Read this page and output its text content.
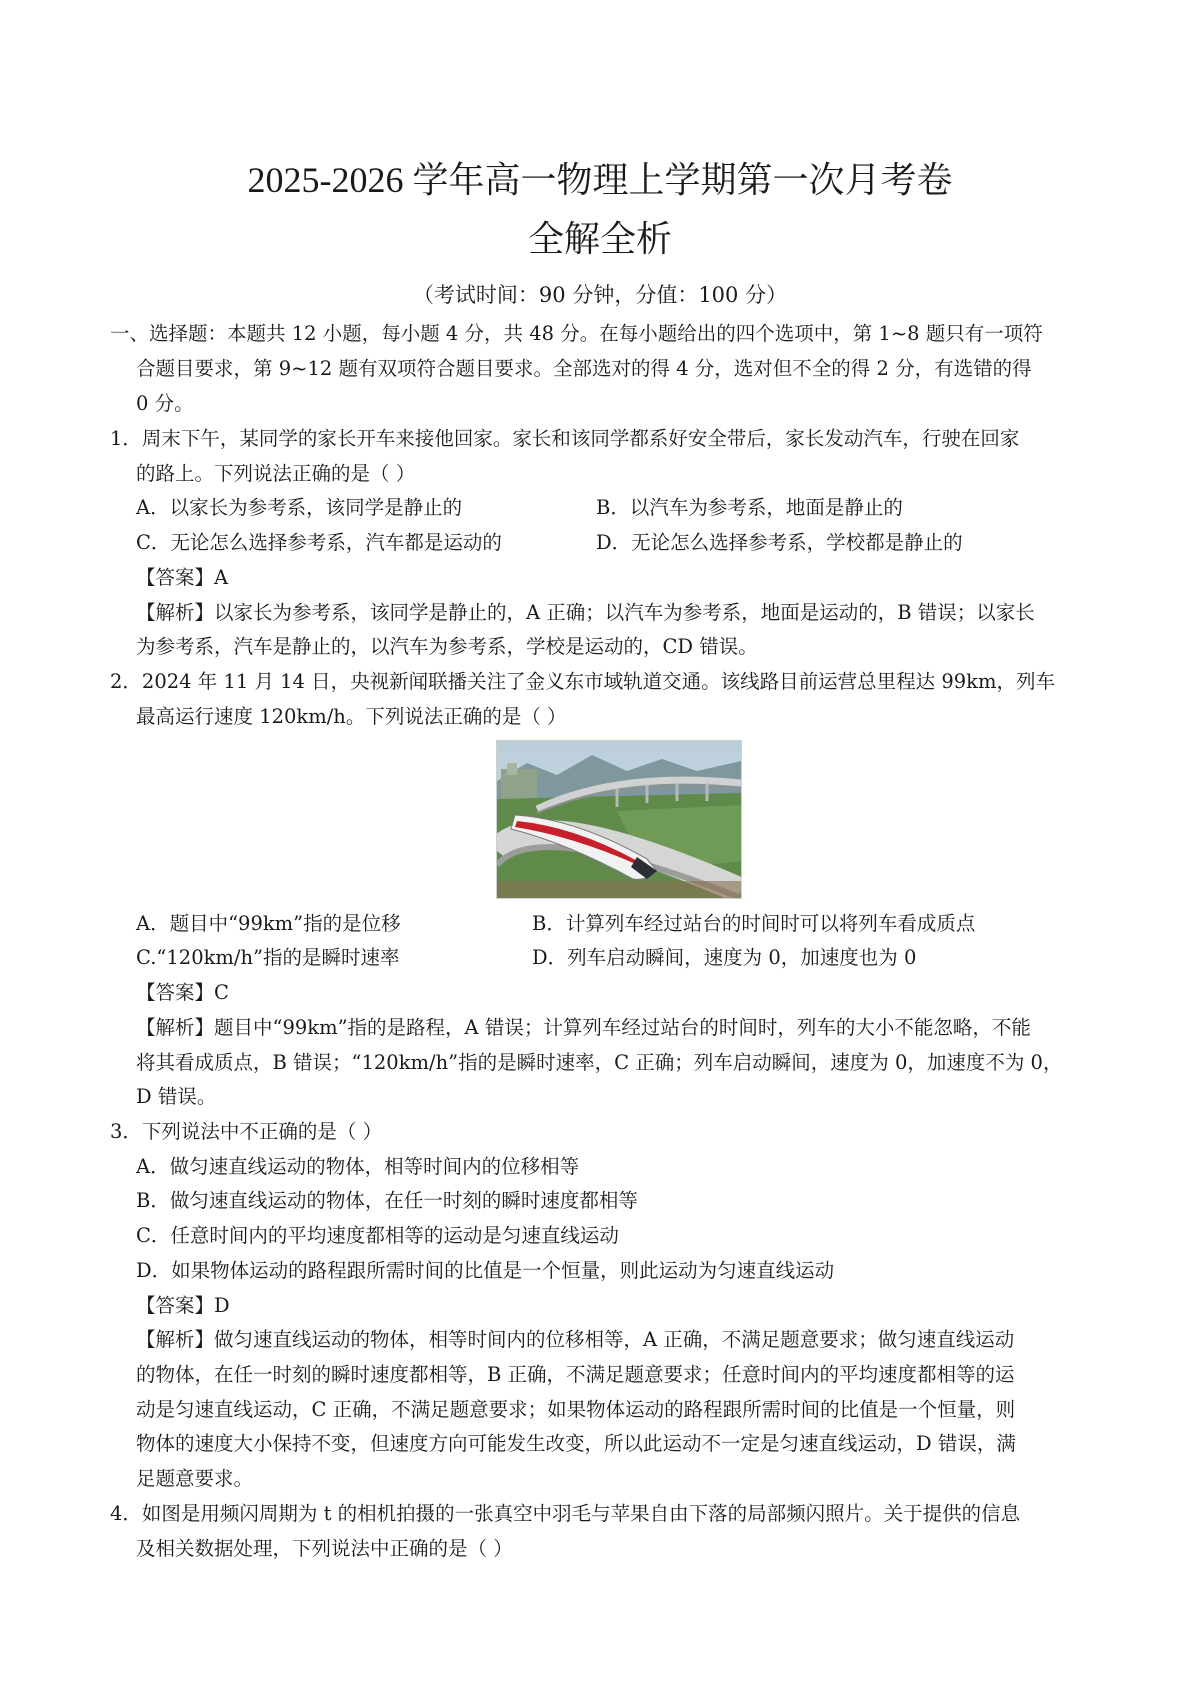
2025-2026 学年高一物理上学期第一次月考卷
全解全析
（考试时间：90 分钟，分值：100 分）
一、选择题：本题共 12 小题，每小题 4 分，共 48 分。在每小题给出的四个选项中，第 1~8 题只有一项符
合题目要求，第 9~12 题有双项符合题目要求。全部选对的得 4 分，选对但不全的得 2 分，有选错的得
0 分。
1．周末下午，某同学的家长开车来接他回家。家长和该同学都系好安全带后，家长发动汽车，行驶在回家
的路上。下列说法正确的是（ ）
A．以家长为参考系，该同学是静止的	B．以汽车为参考系，地面是静止的
C．无论怎么选择参考系，汽车都是运动的	D．无论怎么选择参考系，学校都是静止的
【答案】A
【解析】以家长为参考系，该同学是静止的，A 正确；以汽车为参考系，地面是运动的，B 错误；以家长
为参考系，汽车是静止的，以汽车为参考系，学校是运动的，CD 错误。
2．2024 年 11 月 14 日，央视新闻联播关注了金义东市域轨道交通。该线路目前运营总里程达 99km，列车
最高运行速度 120km/h。下列说法正确的是（ ）
A．题目中“99km”指的是位移	B．计算列车经过站台的时间时可以将列车看成质点
C.“120km/h”指的是瞬时速率	D．列车启动瞬间，速度为 0，加速度也为 0
【答案】C
【解析】题目中“99km”指的是路程，A 错误；计算列车经过站台的时间时，列车的大小不能忽略，不能
将其看成质点，B 错误；“120km/h”指的是瞬时速率，C 正确；列车启动瞬间，速度为 0，加速度不为 0，
D 错误。
3．下列说法中不正确的是（ ）
A．做匀速直线运动的物体，相等时间内的位移相等
B．做匀速直线运动的物体，在任一时刻的瞬时速度都相等
C．任意时间内的平均速度都相等的运动是匀速直线运动
D．如果物体运动的路程跟所需时间的比值是一个恒量，则此运动为匀速直线运动
【答案】D
【解析】做匀速直线运动的物体，相等时间内的位移相等，A 正确，不满足题意要求；做匀速直线运动
的物体，在任一时刻的瞬时速度都相等，B 正确，不满足题意要求；任意时间内的平均速度都相等的运
动是匀速直线运动，C 正确，不满足题意要求；如果物体运动的路程跟所需时间的比值是一个恒量，则
物体的速度大小保持不变，但速度方向可能发生改变，所以此运动不一定是匀速直线运动，D 错误，满
足题意要求。
4．如图是用频闪周期为 t 的相机拍摄的一张真空中羽毛与苹果自由下落的局部频闪照片。关于提供的信息
及相关数据处理，下列说法中正确的是（ ）
